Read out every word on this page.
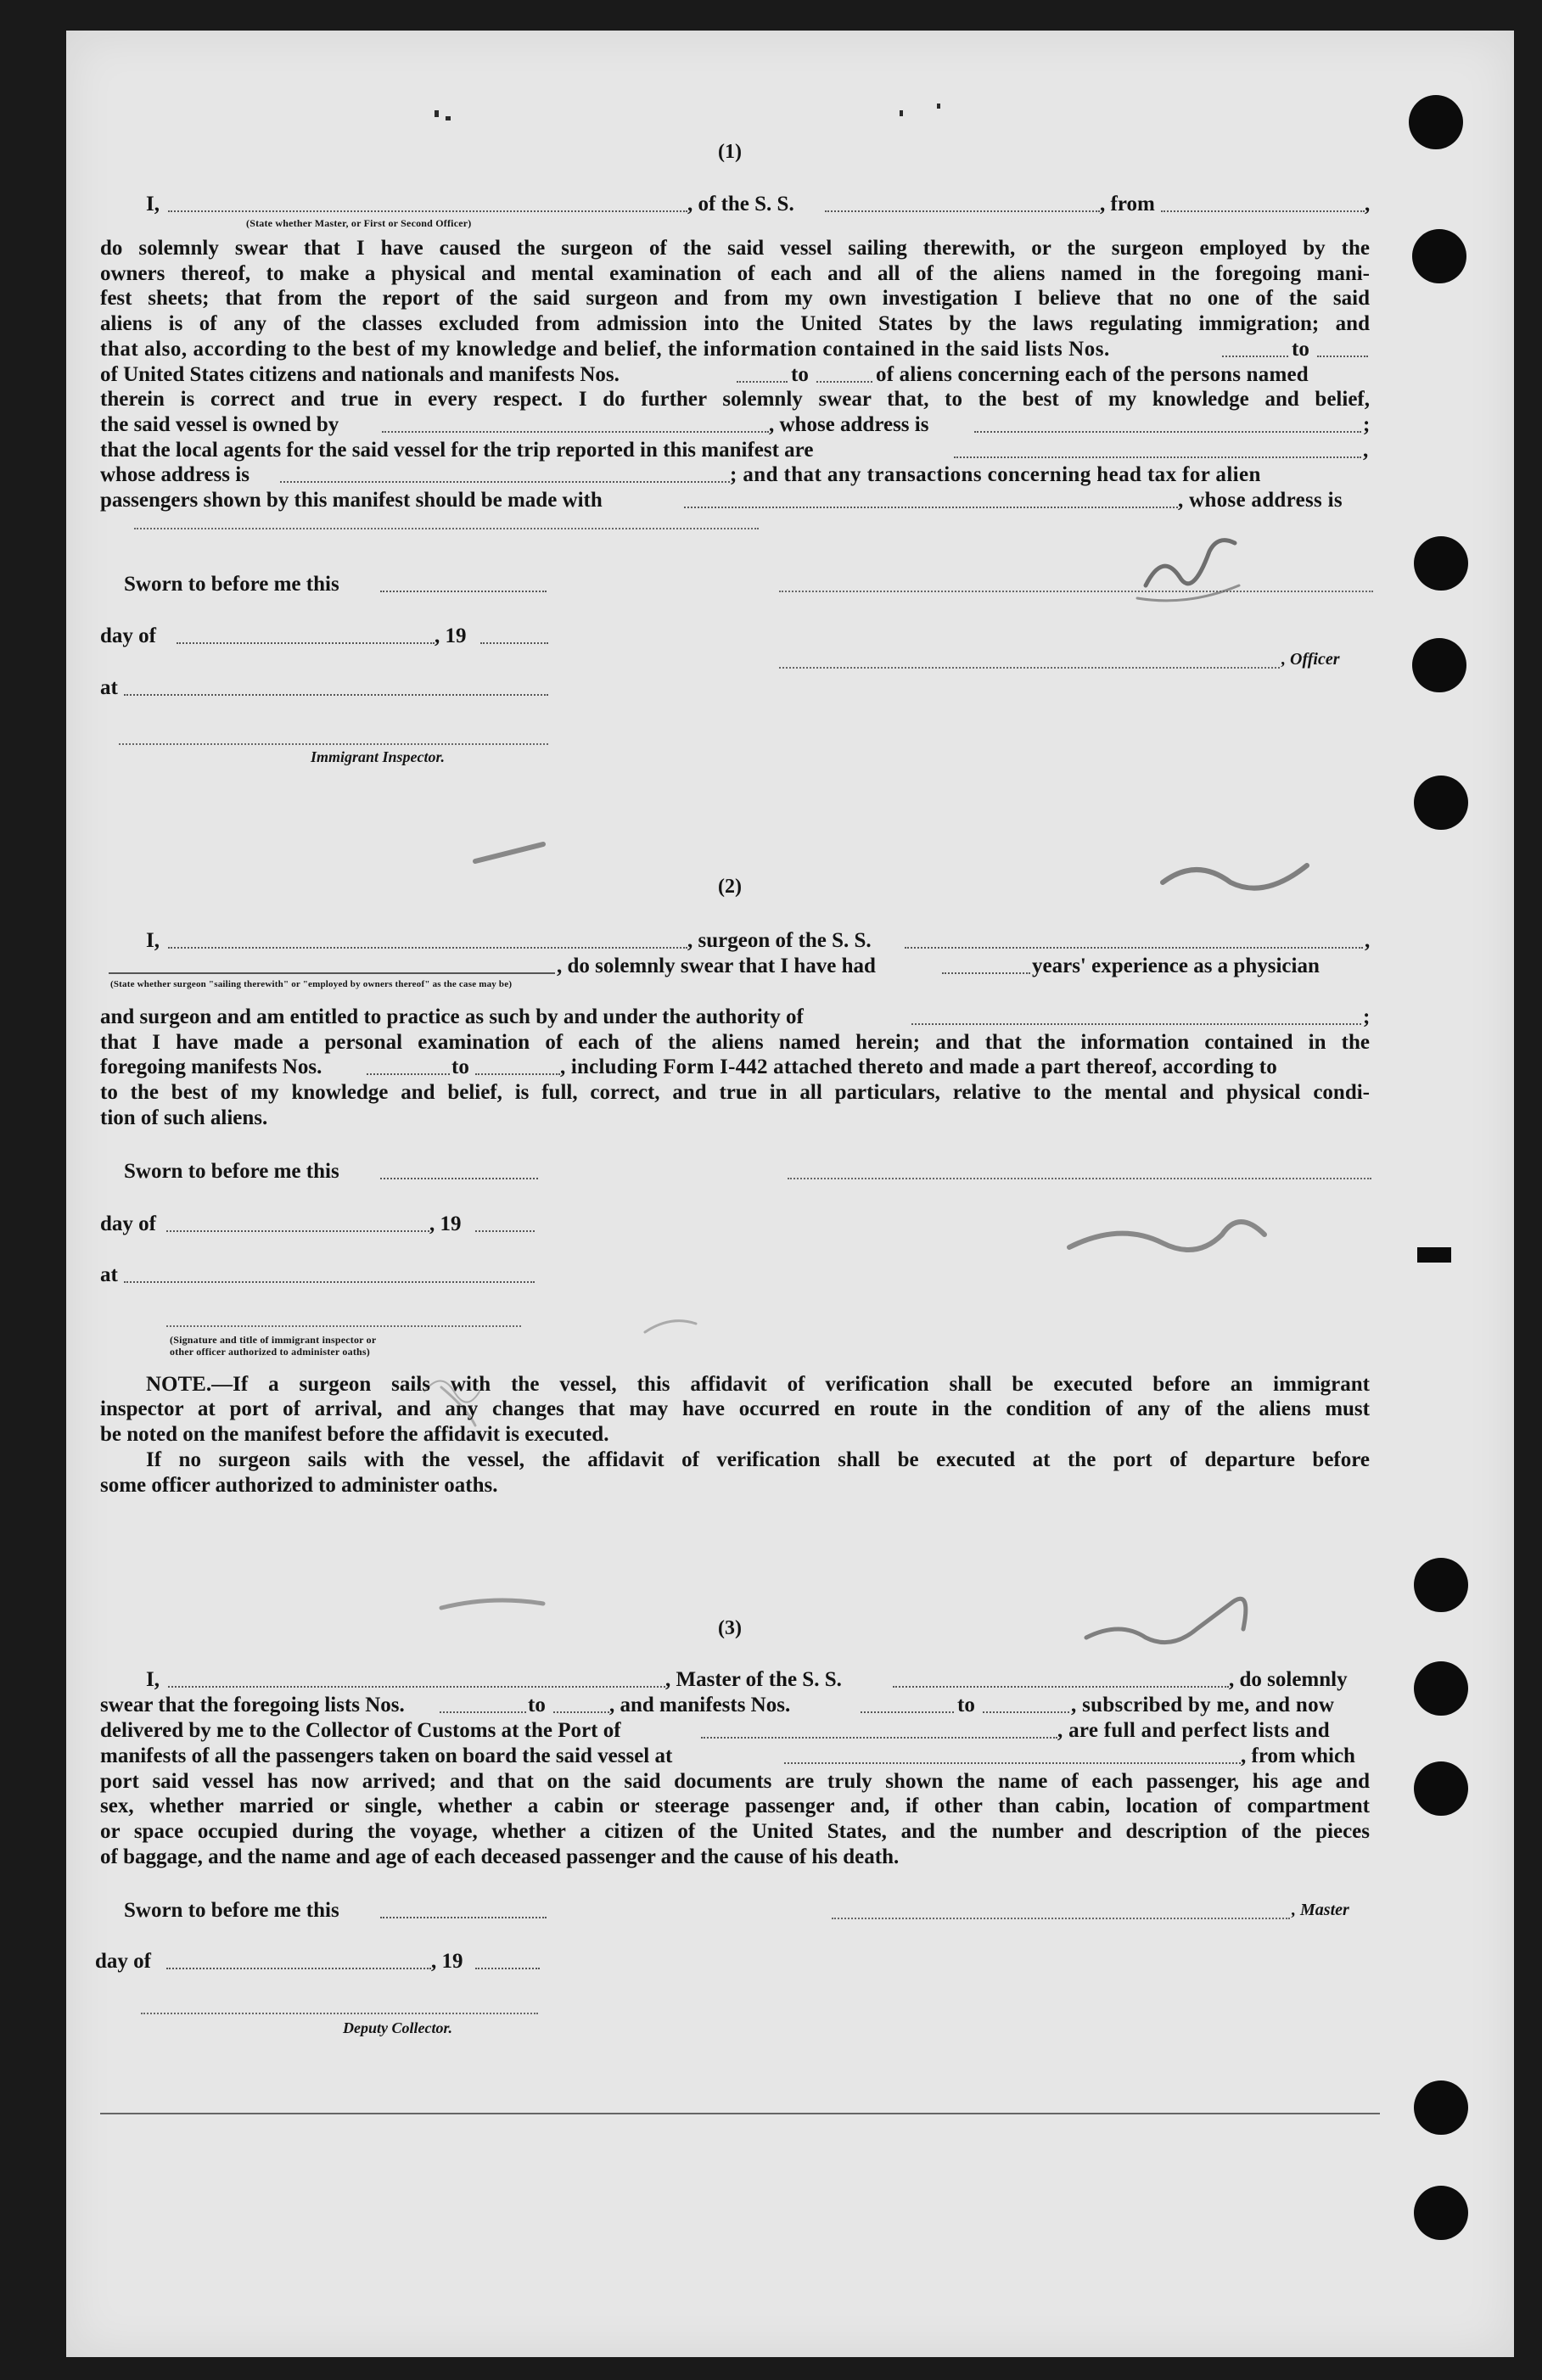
(1)
I,	, of the S. S.	, from	,
(State whether Master, or First or Second Officer)
do solemnly swear that I have caused the surgeon of the said vessel sailing therewith, or the surgeon employed by the
owners thereof, to make a physical and mental examination of each and all of the aliens named in the foregoing mani-
fest sheets; that from the report of the said surgeon and from my own investigation I believe that no one of the said
aliens is of any of the classes excluded from admission into the United States by the laws regulating immigration; and
that also, according to the best of my knowledge and belief, the information contained in the said lists Nos.	to
of United States citizens and nationals and manifests Nos.	to	of aliens concerning each of the persons named
therein is correct and true in every respect. I do further solemnly swear that, to the best of my knowledge and belief,
the said vessel is owned by	, whose address is	;
that the local agents for the said vessel for the trip reported in this manifest are	,
whose address is	; and that any transactions concerning head tax for alien
passengers shown by this manifest should be made with	, whose address is
Sworn to before me this
day of	, 19
, Officer
at
Immigrant Inspector.
(2)
I,	, surgeon of the S. S.	,
, do solemnly swear that I have had	years' experience as a physician
(State whether surgeon "sailing therewith" or "employed by owners thereof" as the case may be)
and surgeon and am entitled to practice as such by and under the authority of	;
that I have made a personal examination of each of the aliens named herein; and that the information contained in the
foregoing manifests Nos.	to	, including Form I-442 attached thereto and made a part thereof, according to
to the best of my knowledge and belief, is full, correct, and true in all particulars, relative to the mental and physical condi-
tion of such aliens.
Sworn to before me this
day of	, 19
at
(Signature and title of immigrant inspector or
other officer authorized to administer oaths)
NOTE.—If a surgeon sails with the vessel, this affidavit of verification shall be executed before an immigrant
inspector at port of arrival, and any changes that may have occurred en route in the condition of any of the aliens must
be noted on the manifest before the affidavit is executed.
If no surgeon sails with the vessel, the affidavit of verification shall be executed at the port of departure before
some officer authorized to administer oaths.
(3)
I,	, Master of the S. S.	, do solemnly
swear that the foregoing lists Nos.	to	, and manifests Nos.	to	, subscribed by me, and now
delivered by me to the Collector of Customs at the Port of	, are full and perfect lists and
manifests of all the passengers taken on board the said vessel at	, from which
port said vessel has now arrived; and that on the said documents are truly shown the name of each passenger, his age and
sex, whether married or single, whether a cabin or steerage passenger and, if other than cabin, location of compartment
or space occupied during the voyage, whether a citizen of the United States, and the number and description of the pieces
of baggage, and the name and age of each deceased passenger and the cause of his death.
Sworn to before me this	, Master
day of	, 19
Deputy Collector.
